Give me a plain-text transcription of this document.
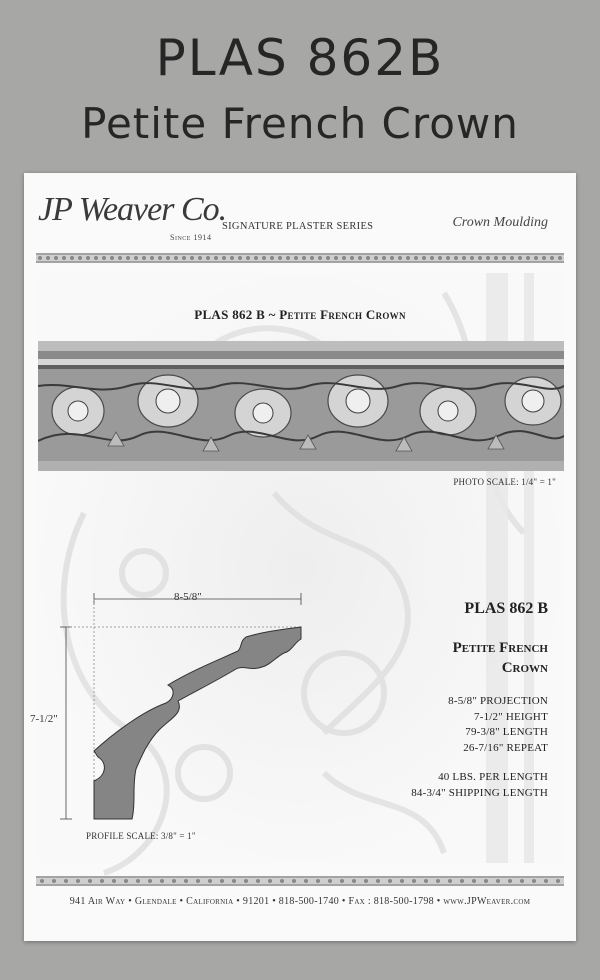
PLAS 862B
Petite French Crown
JP Weaver Co.
Since 1914
SIGNATURE PLASTER SERIES	Crown Moulding
PLAS 862 B ~ Petite French Crown
PHOTO SCALE: 1/4" = 1"
8-5/8"
7-1/2"
PROFILE SCALE: 3/8" = 1"
PLAS 862 B
Petite French
Crown
8-5/8" PROJECTION
7-1/2" HEIGHT
79-3/8" LENGTH
26-7/16" REPEAT
40 LBS. PER LENGTH
84-3/4" SHIPPING LENGTH
941 Air Way • Glendale • California • 91201 • 818-500-1740 • Fax : 818-500-1798 • www.JPWeaver.com
